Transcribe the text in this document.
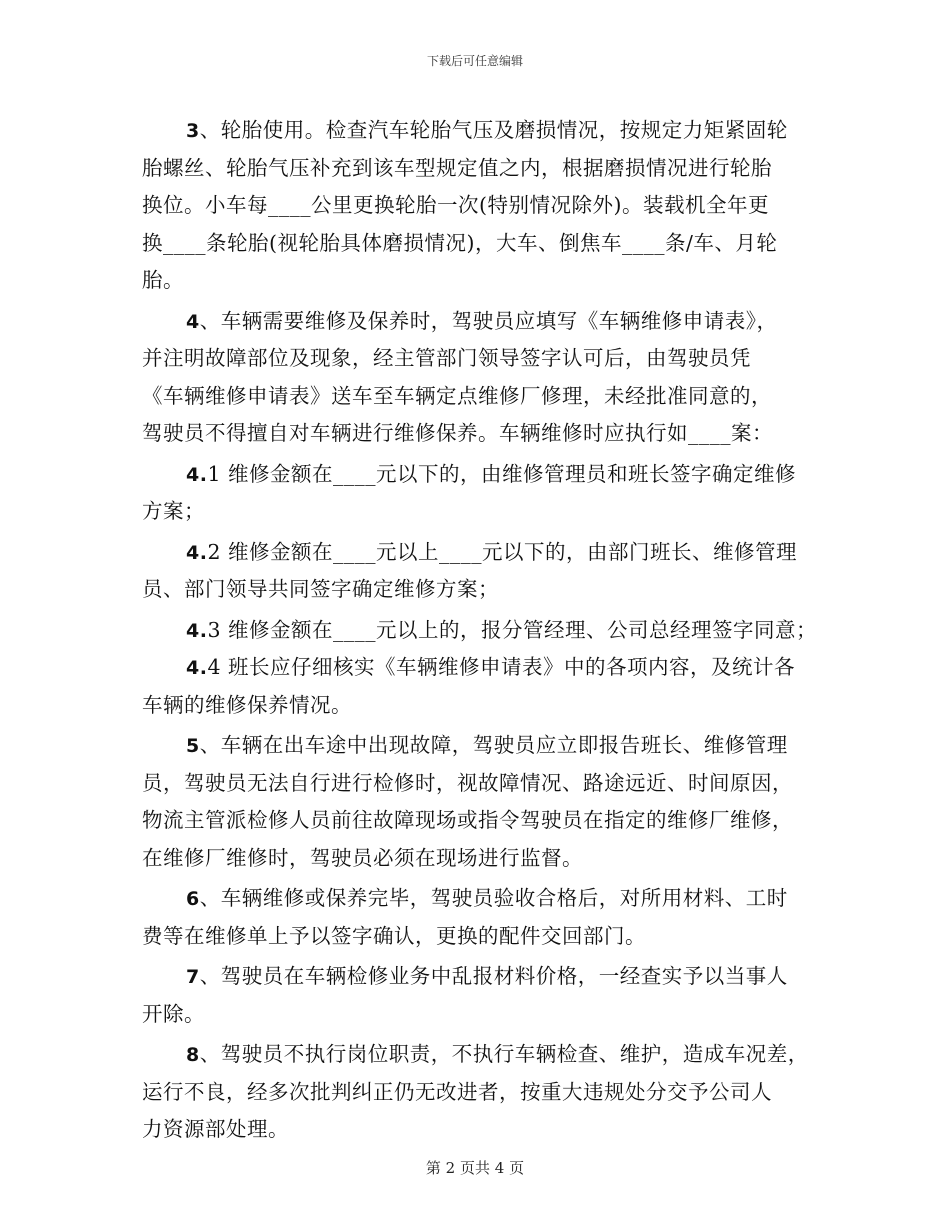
下载后可任意编辑
3、轮胎使用。检查汽车轮胎气压及磨损情况，按规定力矩紧固轮
胎螺丝、轮胎气压补充到该车型规定值之内，根据磨损情况进行轮胎
换位。小车每____公里更换轮胎一次(特别情况除外)。装载机全年更
换____条轮胎(视轮胎具体磨损情况)，大车、倒焦车____条/车、月轮
胎。
4、车辆需要维修及保养时，驾驶员应填写《车辆维修申请表》，
并注明故障部位及现象，经主管部门领导签字认可后，由驾驶员凭
《车辆维修申请表》送车至车辆定点维修厂修理，未经批准同意的，
驾驶员不得擅自对车辆进行维修保养。车辆维修时应执行如____案：
4.1 维修金额在____元以下的，由维修管理员和班长签字确定维修
方案；
4.2 维修金额在____元以上____元以下的，由部门班长、维修管理
员、部门领导共同签字确定维修方案；
4.3 维修金额在____元以上的，报分管经理、公司总经理签字同意；
4.4 班长应仔细核实《车辆维修申请表》中的各项内容，及统计各
车辆的维修保养情况。
5、车辆在出车途中出现故障，驾驶员应立即报告班长、维修管理
员，驾驶员无法自行进行检修时，视故障情况、路途远近、时间原因，
物流主管派检修人员前往故障现场或指令驾驶员在指定的维修厂维修，
在维修厂维修时，驾驶员必须在现场进行监督。
6、车辆维修或保养完毕，驾驶员验收合格后，对所用材料、工时
费等在维修单上予以签字确认，更换的配件交回部门。
7、驾驶员在车辆检修业务中乱报材料价格，一经查实予以当事人
开除。
8、驾驶员不执行岗位职责，不执行车辆检查、维护，造成车况差，
运行不良，经多次批判纠正仍无改进者，按重大违规处分交予公司人
力资源部处理。
第 2 页共 4 页
